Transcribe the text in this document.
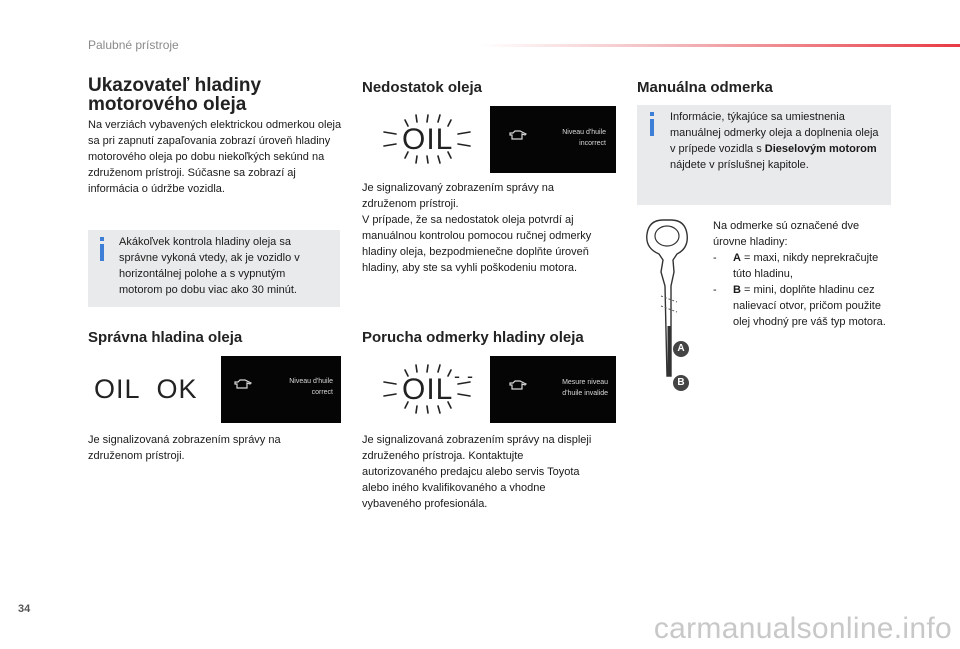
Palubné prístroje
Ukazovateľ hladiny
motorového oleja

Na verziách vybavených elektrickou odmerkou oleja sa pri zapnutí zapaľovania zobrazí úroveň hladiny motorového oleja po dobu niekoľkých sekúnd na združenom prístroji. Súčasne sa zobrazí aj informácia o údržbe vozidla.

Akákoľvek kontrola hladiny oleja sa správne vykoná vtedy, ak je vozidlo v horizontálnej polohe a s vypnutým motorom po dobu viac ako 30 minút.

Správna hladina oleja
OIL  OK	Niveau d'huile
correct

Je signalizovaná zobrazením správy na združenom prístroji.

Nedostatok oleja
OIL	Niveau d'huile
incorrect

Je signalizovaný zobrazením správy na združenom prístroji.

V prípade, že sa nedostatok oleja potvrdí aj manuálnou kontrolou pomocou ručnej odmerky hladiny oleja, bezpodmienečne doplňte úroveň hladiny, aby ste sa vyhli poškodeniu motora.

Porucha odmerky hladiny oleja
OIL - -	Mesure niveau
d'huile invalide

Je signalizovaná zobrazením správy na displeji združeného prístroja. Kontaktujte autorizovaného predajcu alebo servis Toyota alebo iného kvalifikovaného a vhodne vybaveného profesionála.

Manuálna odmerka

Informácie, týkajúce sa umiestnenia manuálnej odmerky oleja a doplnenia oleja v prípede vozidla s Dieselovým motorom nájdete v príslušnej kapitole.

A
B

Na odmerke sú označené dve úrovne hladiny:

- A = maxi, nikdy neprekračujte túto hladinu,
- B = mini, doplňte hladinu cez nalievací otvor, pričom použite olej vhodný pre váš typ motora.
34
carmanualsonline.info
